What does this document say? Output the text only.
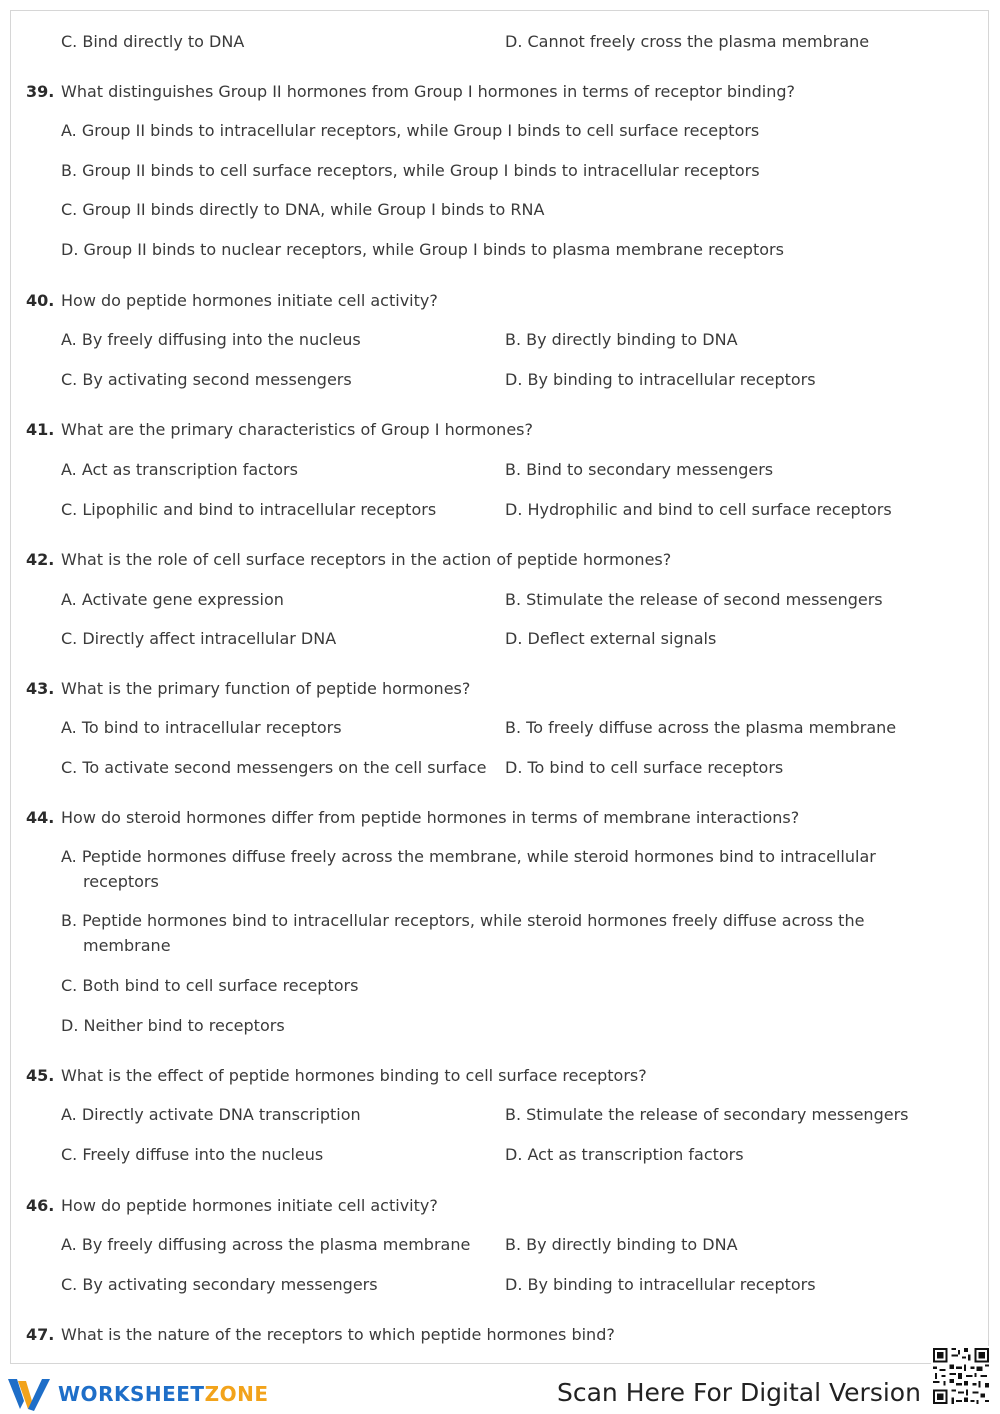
C. Bind directly to DNA	D. Cannot freely cross the plasma membrane
39. What distinguishes Group II hormones from Group I hormones in terms of receptor binding?
A. Group II binds to intracellular receptors, while Group I binds to cell surface receptors
B. Group II binds to cell surface receptors, while Group I binds to intracellular receptors
C. Group II binds directly to DNA, while Group I binds to RNA
D. Group II binds to nuclear receptors, while Group I binds to plasma membrane receptors
40. How do peptide hormones initiate cell activity?
A. By freely diffusing into the nucleus	B. By directly binding to DNA
C. By activating second messengers	D. By binding to intracellular receptors
41. What are the primary characteristics of Group I hormones?
A. Act as transcription factors	B. Bind to secondary messengers
C. Lipophilic and bind to intracellular receptors	D. Hydrophilic and bind to cell surface receptors
42. What is the role of cell surface receptors in the action of peptide hormones?
A. Activate gene expression	B. Stimulate the release of second messengers
C. Directly affect intracellular DNA	D. Deflect external signals
43. What is the primary function of peptide hormones?
A. To bind to intracellular receptors	B. To freely diffuse across the plasma membrane
C. To activate second messengers on the cell surface D. To bind to cell surface receptors
44. How do steroid hormones differ from peptide hormones in terms of membrane interactions?
A. Peptide hormones diffuse freely across the membrane, while steroid hormones bind to intracellular receptors
B. Peptide hormones bind to intracellular receptors, while steroid hormones freely diffuse across the membrane
C. Both bind to cell surface receptors
D. Neither bind to receptors
45. What is the effect of peptide hormones binding to cell surface receptors?
A. Directly activate DNA transcription	B. Stimulate the release of secondary messengers
C. Freely diffuse into the nucleus	D. Act as transcription factors
46. How do peptide hormones initiate cell activity?
A. By freely diffusing across the plasma membrane B. By directly binding to DNA
C. By activating secondary messengers	D. By binding to intracellular receptors
47. What is the nature of the receptors to which peptide hormones bind?
WORKSHEETZONE	Scan Here For Digital Version
